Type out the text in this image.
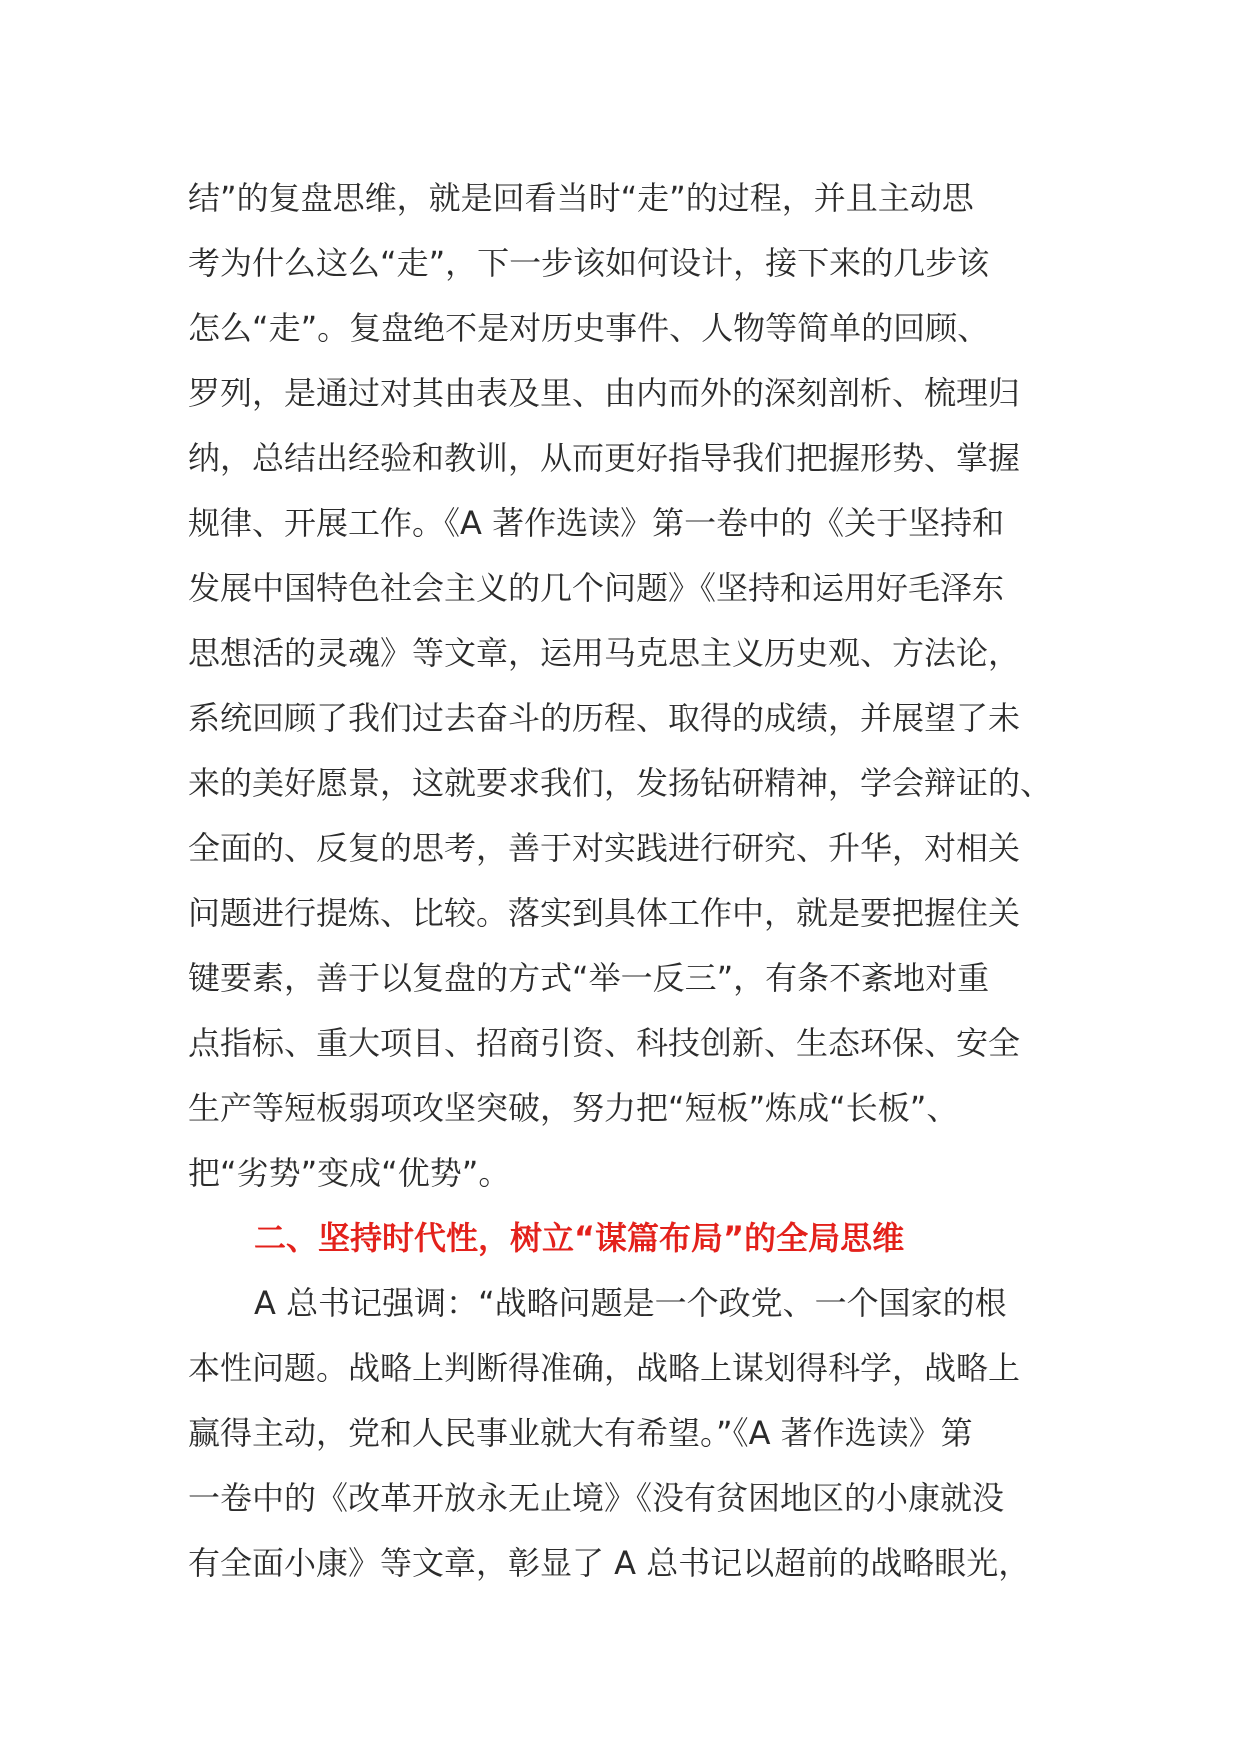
结”的复盘思维，就是回看当时“走”的过程，并且主动思
考为什么这么“走”，下一步该如何设计，接下来的几步该
怎么“走”。复盘绝不是对历史事件、人物等简单的回顾、
罗列，是通过对其由表及里、由内而外的深刻剖析、梳理归
纳，总结出经验和教训，从而更好指导我们把握形势、掌握
规律、开展工作。《A 著作选读》第一卷中的《关于坚持和
发展中国特色社会主义的几个问题》《坚持和运用好毛泽东
思想活的灵魂》等文章，运用马克思主义历史观、方法论，
系统回顾了我们过去奋斗的历程、取得的成绩，并展望了未
来的美好愿景，这就要求我们，发扬钻研精神，学会辩证的、
全面的、反复的思考，善于对实践进行研究、升华，对相关
问题进行提炼、比较。落实到具体工作中，就是要把握住关
键要素，善于以复盘的方式“举一反三”，有条不紊地对重
点指标、重大项目、招商引资、科技创新、生态环保、安全
生产等短板弱项攻坚突破，努力把“短板”炼成“长板”、
把“劣势”变成“优势”。
二、坚持时代性，树立“谋篇布局”的全局思维
A 总书记强调：“战略问题是一个政党、一个国家的根
本性问题。战略上判断得准确，战略上谋划得科学，战略上
赢得主动，党和人民事业就大有希望。”《A 著作选读》第
一卷中的《改革开放永无止境》《没有贫困地区的小康就没
有全面小康》等文章，彰显了 A 总书记以超前的战略眼光，
